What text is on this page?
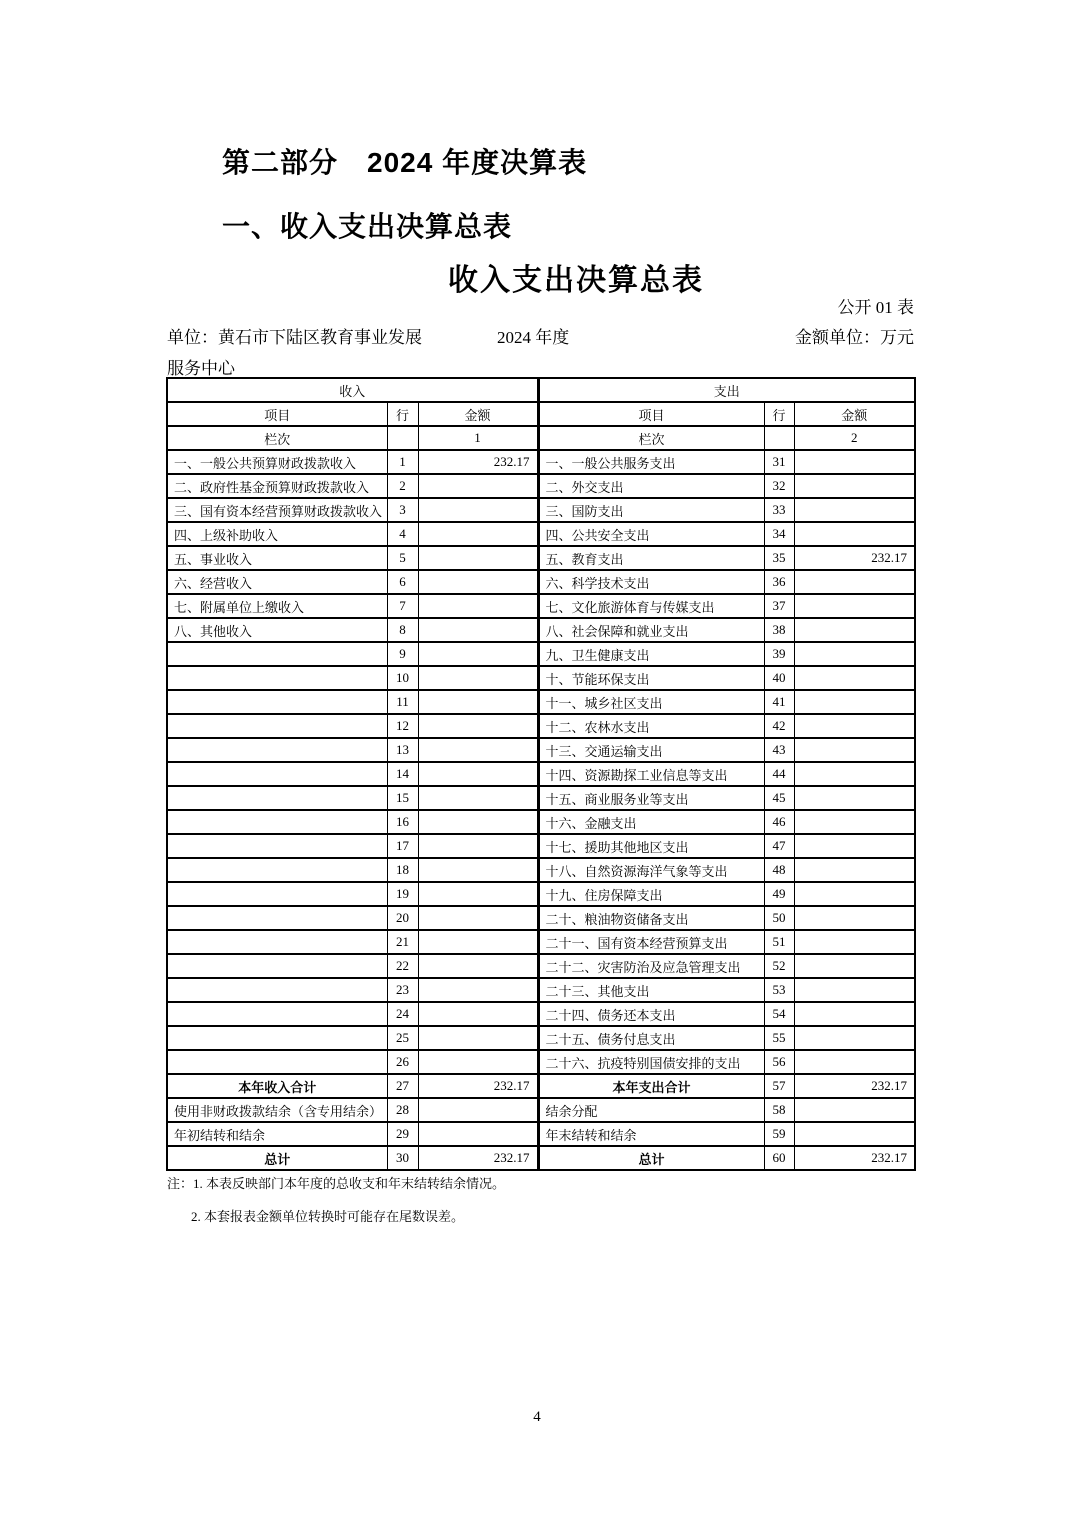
第二部分　2024 年度决算表
一、收入支出决算总表
收入支出决算总表
公开 01 表
单位：黄石市下陆区教育事业发展
服务中心
2024 年度	金额单位：万元
收入			支出		
项目	行	金额	项目	行	金额
栏次		1	栏次		2
一、一般公共预算财政拨款收入	1	232.17	一、一般公共服务支出	31	
二、政府性基金预算财政拨款收入	2		二、外交支出	32	
三、国有资本经营预算财政拨款收入	3		三、国防支出	33	
四、上级补助收入	4		四、公共安全支出	34	
五、事业收入	5		五、教育支出	35	232.17
六、经营收入	6		六、科学技术支出	36	
七、附属单位上缴收入	7		七、文化旅游体育与传媒支出	37	
八、其他收入	8		八、社会保障和就业支出	38	
	9		九、卫生健康支出	39	
	10		十、节能环保支出	40	
	11		十一、城乡社区支出	41	
	12		十二、农林水支出	42	
	13		十三、交通运输支出	43	
	14		十四、资源勘探工业信息等支出	44	
	15		十五、商业服务业等支出	45	
	16		十六、金融支出	46	
	17		十七、援助其他地区支出	47	
	18		十八、自然资源海洋气象等支出	48	
	19		十九、住房保障支出	49	
	20		二十、粮油物资储备支出	50	
	21		二十一、国有资本经营预算支出	51	
	22		二十二、灾害防治及应急管理支出	52	
	23		二十三、其他支出	53	
	24		二十四、债务还本支出	54	
	25		二十五、债务付息支出	55	
	26		二十六、抗疫特别国债安排的支出	56	
本年收入合计	27	232.17	本年支出合计	57	232.17
使用非财政拨款结余（含专用结余）	28		结余分配	58	
年初结转和结余	29		年末结转和结余	59	
总计	30	232.17	总计	60	232.17
注：1. 本表反映部门本年度的总收支和年末结转结余情况。
2. 本套报表金额单位转换时可能存在尾数误差。
4
